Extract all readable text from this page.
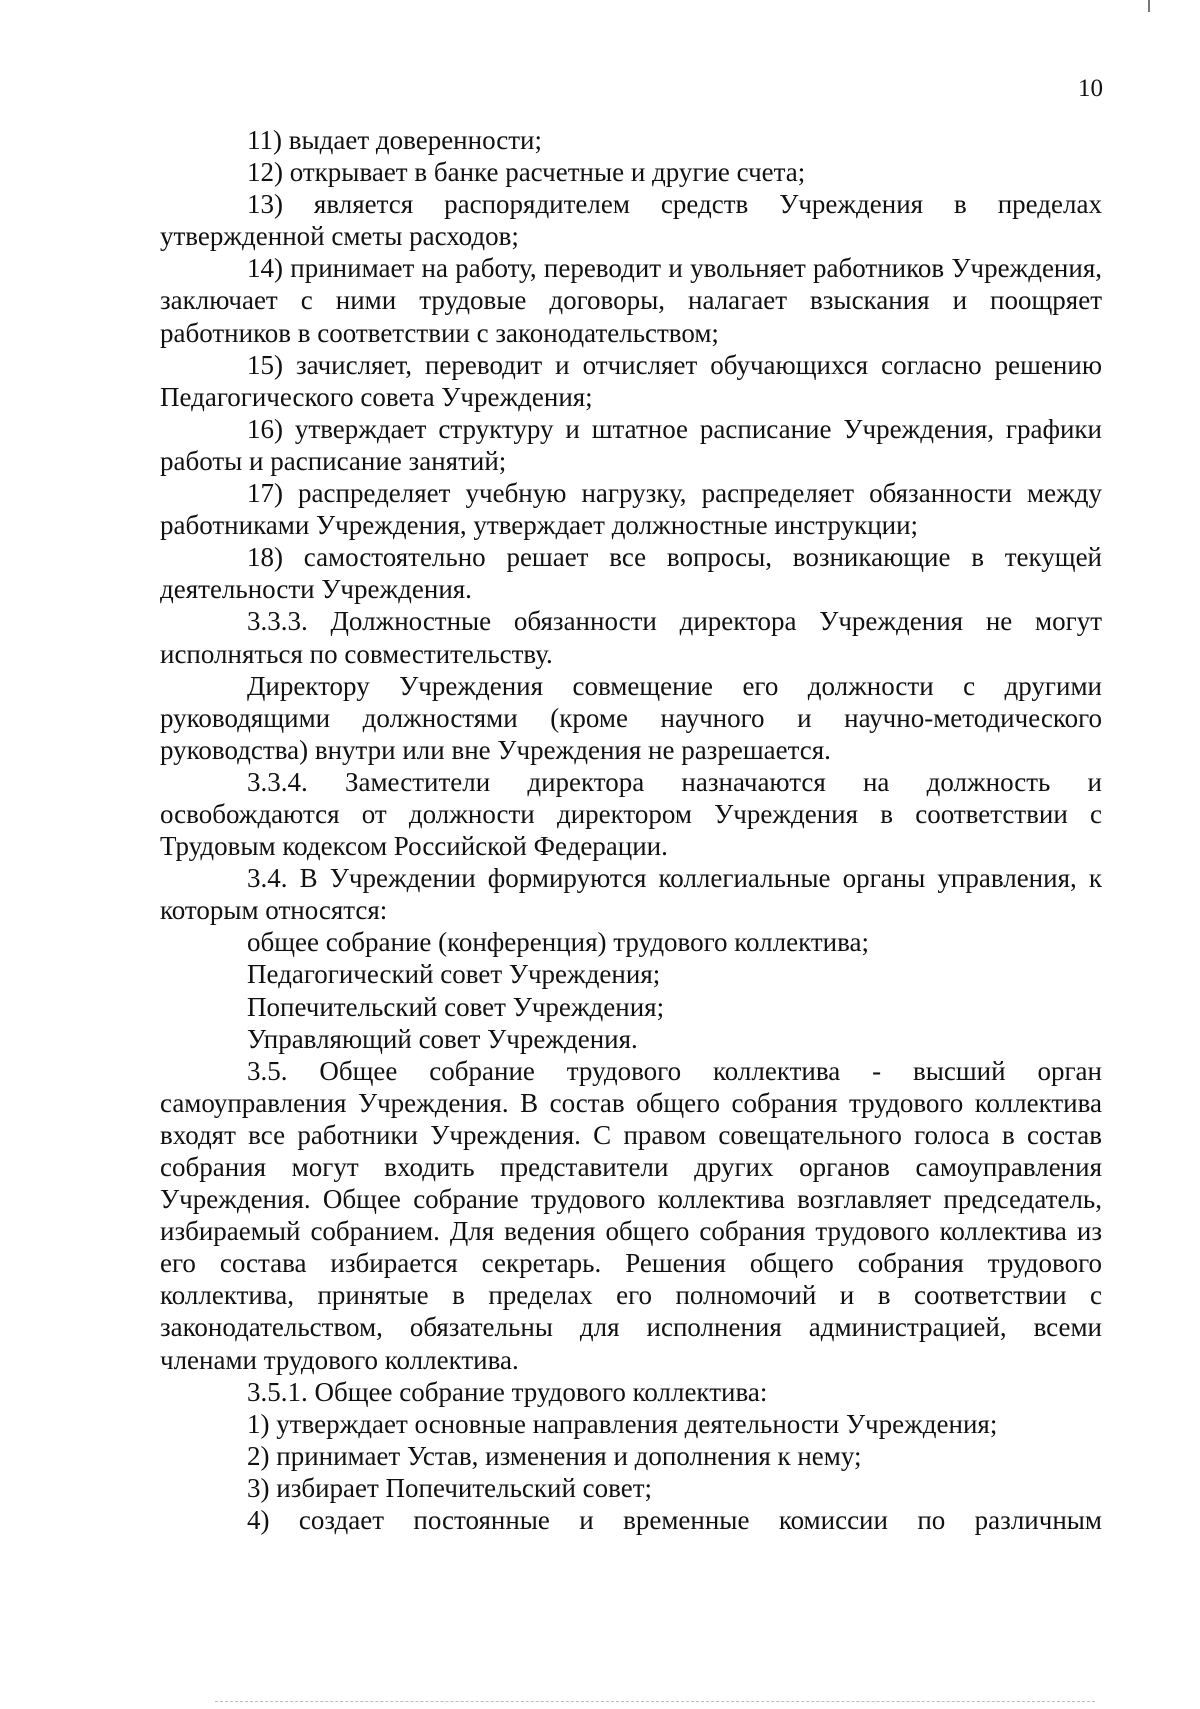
10

11) выдает доверенности;

12) открывает в банке расчетные и другие счета;

13) является распорядителем средств Учреждения в пределах утвержденной сметы расходов;

14) принимает на работу, переводит и увольняет работников Учреждения, заключает с ними трудовые договоры, налагает взыскания и поощряет работников в соответствии с законодательством;

15) зачисляет, переводит и отчисляет обучающихся согласно решению Педагогического совета Учреждения;

16) утверждает структуру и штатное расписание Учреждения, графики работы и расписание занятий;

17) распределяет учебную нагрузку, распределяет обязанности между работниками Учреждения, утверждает должностные инструкции;

18) самостоятельно решает все вопросы, возникающие в текущей деятельности Учреждения.

3.3.3. Должностные обязанности директора Учреждения не могут исполняться по совместительству.

Директору Учреждения совмещение его должности с другими руководящими должностями (кроме научного и научно-методического руководства) внутри или вне Учреждения не разрешается.

3.3.4. Заместители директора назначаются на должность и освобождаются от должности директором Учреждения в соответствии с Трудовым кодексом Российской Федерации.

3.4. В Учреждении формируются коллегиальные органы управления, к которым относятся:

общее собрание (конференция) трудового коллектива;

Педагогический совет Учреждения;

Попечительский совет Учреждения;

Управляющий совет Учреждения.

3.5. Общее собрание трудового коллектива - высший орган самоуправления Учреждения. В состав общего собрания трудового коллектива входят все работники Учреждения. С правом совещательного голоса в состав собрания могут входить представители других органов самоуправления Учреждения. Общее собрание трудового коллектива возглавляет председатель, избираемый собранием. Для ведения общего собрания трудового коллектива из его состава избирается секретарь. Решения общего собрания трудового коллектива, принятые в пределах его полномочий и в соответствии с законодательством, обязательны для исполнения администрацией, всеми членами трудового коллектива.

3.5.1. Общее собрание трудового коллектива:

1) утверждает основные направления деятельности Учреждения;

2) принимает Устав, изменения и дополнения к нему;

3) избирает Попечительский совет;

4) создает постоянные и временные комиссии по различным
